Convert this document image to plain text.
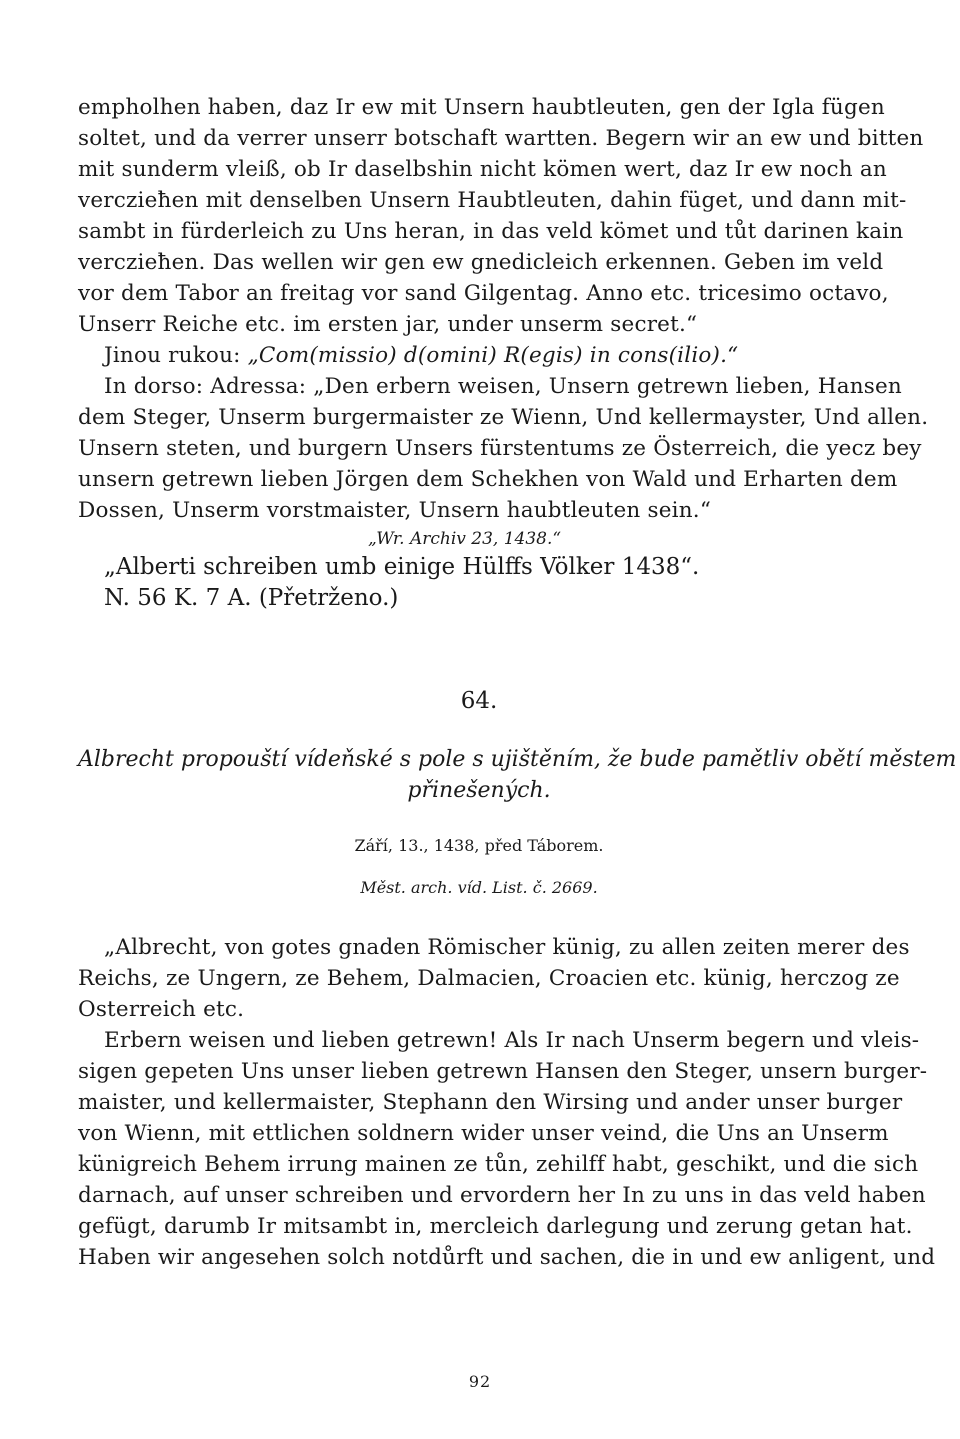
empholhen haben, daz Ir ew mit Unsern haubtleuten, gen der Igla fügen
soltet, und da verrer unserr botschaft wartten. Begern wir an ew und bitten
mit sunderm vleiß, ob Ir daselbshin nicht kömen wert, daz Ir ew noch an
verczieħen mit denselben Unsern Haubtleuten, dahin füget, und dann mit-
sambt in fürderleich zu Uns heran, in das veld kömet und tůt darinen kain
verczieħen. Das wellen wir gen ew gnedicleich erkennen. Geben im veld
vor dem Tabor an freitag vor sand Gilgentag. Anno etc. tricesimo octavo,
Unserr Reiche etc. im ersten jar, under unserm secret.“
Jinou rukou: „Com(missio) d(omini) R(egis) in cons(ilio).“
In dorso: Adressa: „Den erbern weisen, Unsern getrewn lieben, Hansen
dem Steger, Unserm burgermaister ze Wienn, Und kellermayster, Und allen.
Unsern steten, und burgern Unsers fürstentums ze Österreich, die yecz bey
unsern getrewn lieben Jörgen dem Schekhen von Wald und Erharten dem
Dossen, Unserm vorstmaister, Unsern haubtleuten sein.“
„Wr. Archiv 23, 1438.“
„Alberti schreiben umb einige Hülffs Völker 1438“.
N. 56 K. 7 A. (Přetrženo.)
64.
Albrecht propouští vídeňské s pole s ujištěním, že bude pamětliv obětí městem
přinešených.
Září, 13., 1438, před Táborem.
Měst. arch. víd. List. č. 2669.
„Albrecht, von gotes gnaden Römischer künig, zu allen zeiten merer des
Reichs, ze Ungern, ze Behem, Dalmacien, Croacien etc. künig, herczog ze
Osterreich etc.
Erbern weisen und lieben getrewn! Als Ir nach Unserm begern und vleis-
sigen gepeten Uns unser lieben getrewn Hansen den Steger, unsern burger-
maister, und kellermaister, Stephann den Wirsing und ander unser burger
von Wienn, mit ettlichen soldnern wider unser veind, die Uns an Unserm
künigreich Behem irrung mainen ze tůn, zehilff habt, geschikt, und die sich
darnach, auf unser schreiben und ervordern her In zu uns in das veld haben
gefügt, darumb Ir mitsambt in, mercleich darlegung und zerung getan hat.
Haben wir angesehen solch notdůrft und sachen, die in und ew anligent, und
92
